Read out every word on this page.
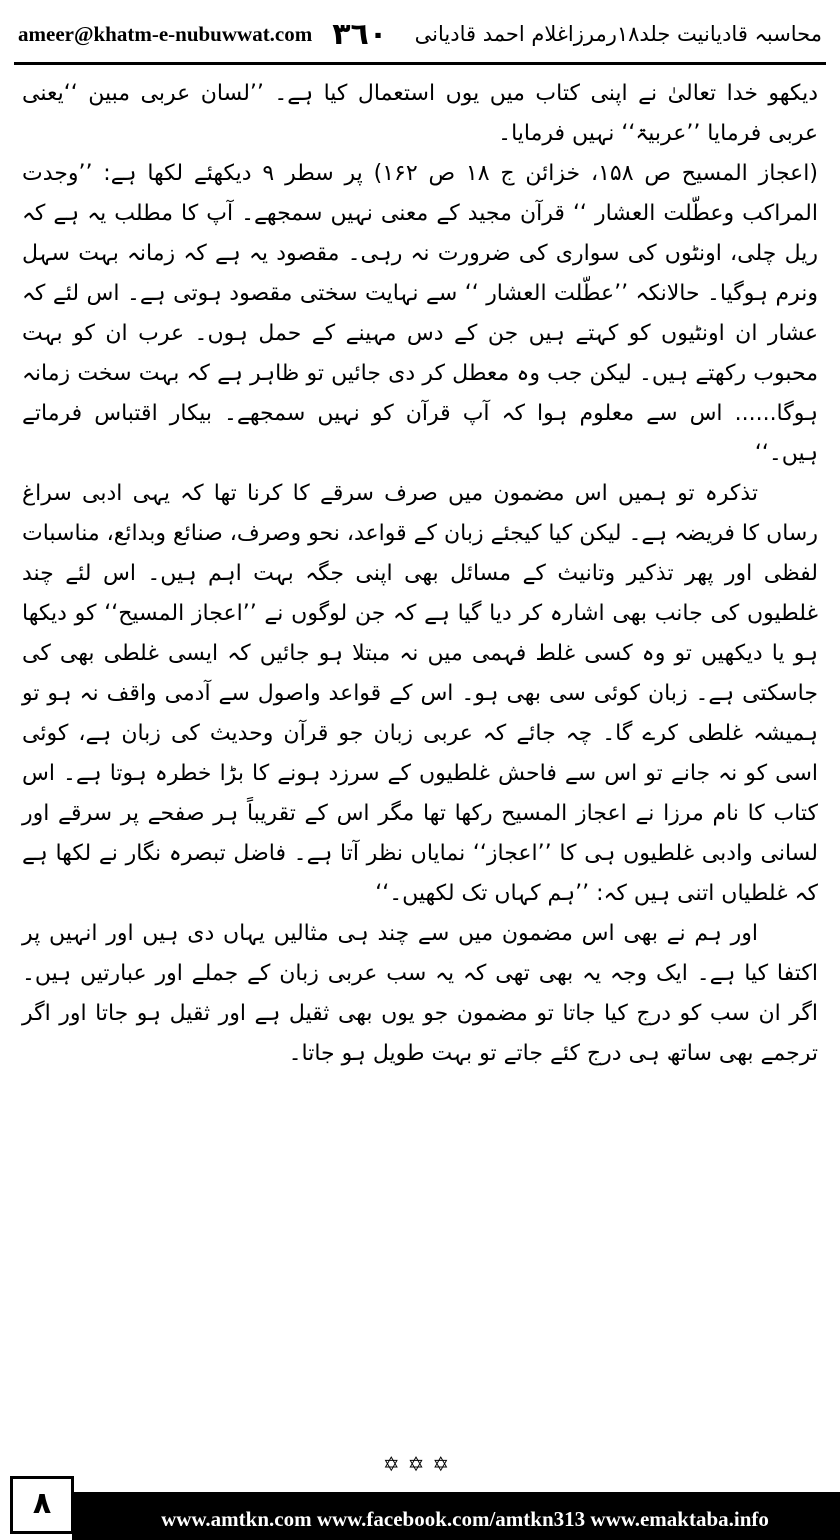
ameer@khatm-e-nubuwwat.com ٣٦٠ محاسبہ قادیانیت جلد۱۸رمرزاغلام احمد قادیانی

دیکھو خدا تعالیٰ نے اپنی کتاب میں یوں استعمال کیا ہے۔ ’’لسان عربی مبین ‘‘یعنی عربی فرمایا ’’عربیۃ‘‘ نہیں فرمایا۔

(اعجاز المسیح ص ۱۵۸، خزائن ج ۱۸ ص ۱۶۲) پر سطر ۹ دیکھئے لکھا ہے: ’’وجدت المراکب وعطّلت العشار ‘‘ قرآن مجید کے معنی نہیں سمجھے۔ آپ کا مطلب یہ ہے کہ ریل چلی، اونٹوں کی سواری کی ضرورت نہ رہی۔ مقصود یہ ہے کہ زمانہ بہت سہل ونرم ہوگیا۔ حالانکہ ’’عطّلت العشار ‘‘ سے نہایت سختی مقصود ہوتی ہے۔ اس لئے کہ عشار ان اونٹیوں کو کہتے ہیں جن کے دس مہینے کے حمل ہوں۔ عرب ان کو بہت محبوب رکھتے ہیں۔ لیکن جب وہ معطل کر دی جائیں تو ظاہر ہے کہ بہت سخت زمانہ ہوگا...... اس سے معلوم ہوا کہ آپ قرآن کو نہیں سمجھے۔ بیکار اقتباس فرماتے ہیں۔‘‘

تذکرہ تو ہمیں اس مضمون میں صرف سرقے کا کرنا تھا کہ یہی ادبی سراغ رساں کا فریضہ ہے۔ لیکن کیا کیجئے زبان کے قواعد، نحو وصرف، صنائع وبدائع، مناسبات لفظی اور پھر تذکیر وتانیث کے مسائل بھی اپنی جگہ بہت اہم ہیں۔ اس لئے چند غلطیوں کی جانب بھی اشارہ کر دیا گیا ہے کہ جن لوگوں نے ’’اعجاز المسیح‘‘ کو دیکھا ہو یا دیکھیں تو وہ کسی غلط فہمی میں نہ مبتلا ہو جائیں کہ ایسی غلطی بھی کی جاسکتی ہے۔ زبان کوئی سی بھی ہو۔ اس کے قواعد واصول سے آدمی واقف نہ ہو تو ہمیشہ غلطی کرے گا۔ چہ جائے کہ عربی زبان جو قرآن وحدیث کی زبان ہے، کوئی اسی کو نہ جانے تو اس سے فاحش غلطیوں کے سرزد ہونے کا بڑا خطرہ ہوتا ہے۔ اس کتاب کا نام مرزا نے اعجاز المسیح رکھا تھا مگر اس کے تقریباً ہر صفحے پر سرقے اور لسانی وادبی غلطیوں ہی کا ’’اعجاز‘‘ نمایاں نظر آتا ہے۔ فاضل تبصرہ نگار نے لکھا ہے کہ غلطیاں اتنی ہیں کہ: ’’ہم کہاں تک لکھیں۔‘‘

اور ہم نے بھی اس مضمون میں سے چند ہی مثالیں یہاں دی ہیں اور انہیں پر اکتفا کیا ہے۔ ایک وجہ یہ بھی تھی کہ یہ سب عربی زبان کے جملے اور عبارتیں ہیں۔ اگر ان سب کو درج کیا جاتا تو مضمون جو یوں بھی ثقیل ہے اور ثقیل ہو جاتا اور اگر ترجمے بھی ساتھ ہی درج کئے جاتے تو بہت طویل ہو جاتا۔

✡✡✡
www.amtkn.com www.facebook.com/amtkn313 www.emaktaba.info
٨
